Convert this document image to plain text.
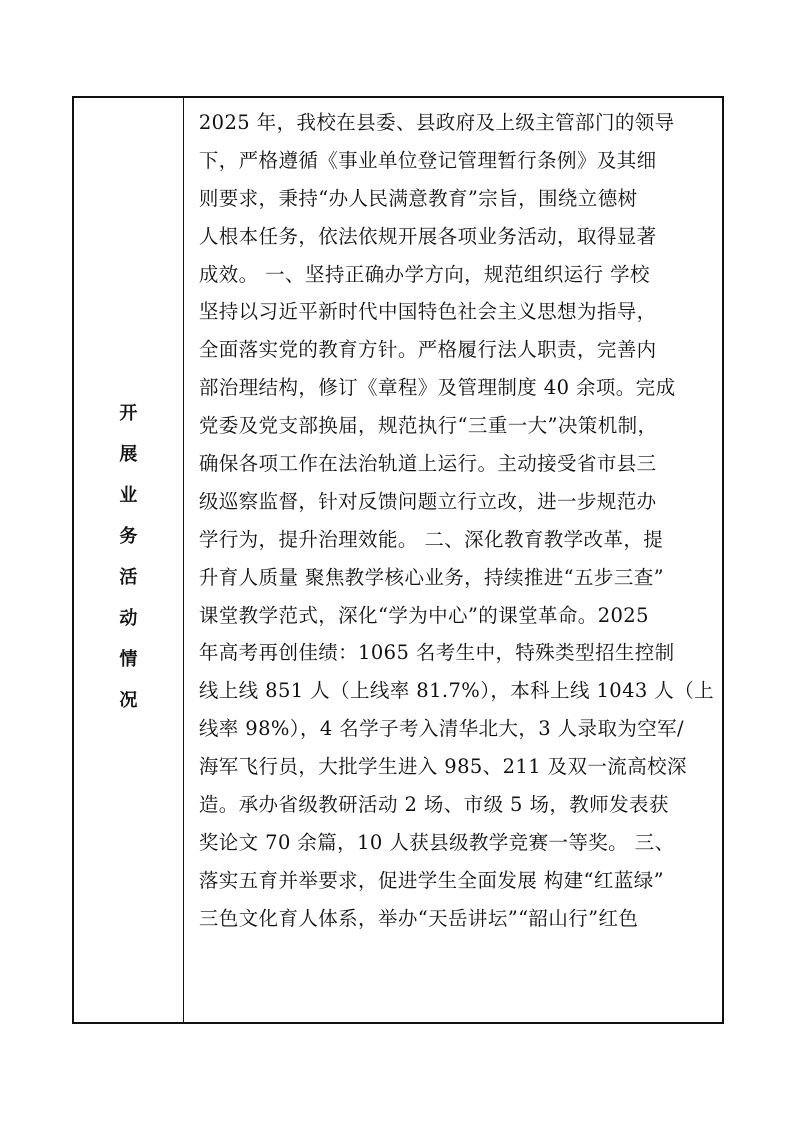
开
展
业
务
活
动
情
况
2025 年，我校在县委、县政府及上级主管部门的领导
下，严格遵循《事业单位登记管理暂行条例》及其细
则要求，秉持“办人民满意教育”宗旨，围绕立德树
人根本任务，依法依规开展各项业务活动，取得显著
成效。 一、坚持正确办学方向，规范组织运行 学校
坚持以习近平新时代中国特色社会主义思想为指导，
全面落实党的教育方针。严格履行法人职责，完善内
部治理结构，修订《章程》及管理制度 40 余项。完成
党委及党支部换届，规范执行“三重一大”决策机制，
确保各项工作在法治轨道上运行。主动接受省市县三
级巡察监督，针对反馈问题立行立改，进一步规范办
学行为，提升治理效能。 二、深化教育教学改革，提
升育人质量 聚焦教学核心业务，持续推进“五步三查”
课堂教学范式，深化“学为中心”的课堂革命。2025
年高考再创佳绩：1065 名考生中，特殊类型招生控制
线上线 851 人（上线率 81.7%），本科上线 1043 人（上
线率 98%），4 名学子考入清华北大，3 人录取为空军/
海军飞行员，大批学生进入 985、211 及双一流高校深
造。承办省级教研活动 2 场、市级 5 场，教师发表获
奖论文 70 余篇，10 人获县级教学竞赛一等奖。 三、
落实五育并举要求，促进学生全面发展 构建“红蓝绿”
三色文化育人体系，举办“天岳讲坛”“韶山行”红色
